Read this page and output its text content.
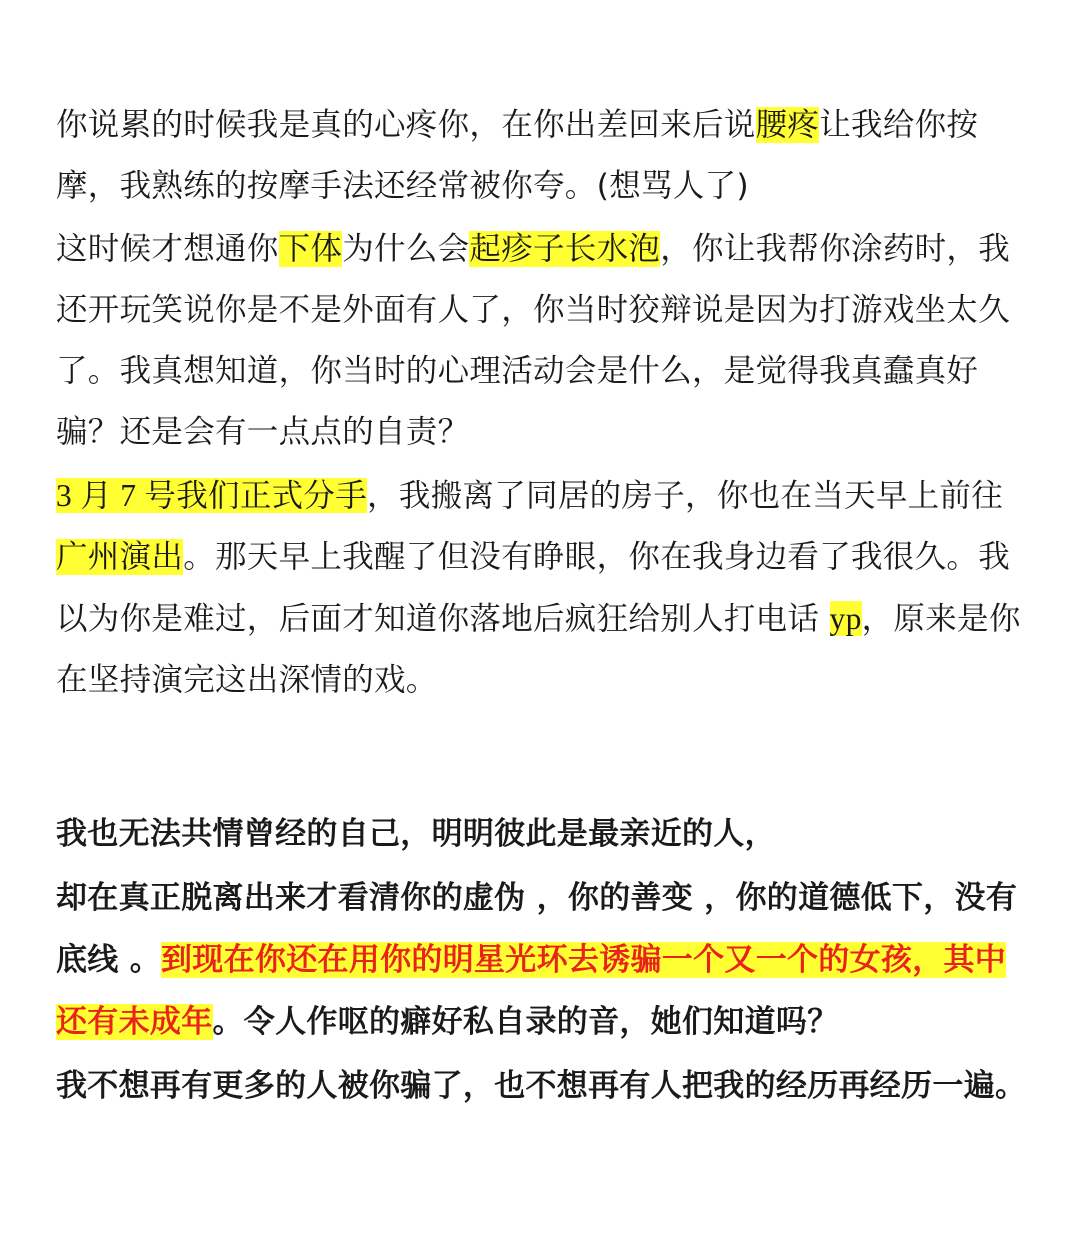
你说累的时候我是真的心疼你，在你出差回来后说腰疼让我给你按摩，我熟练的按摩手法还经常被你夸。(想骂人了)

这时候才想通你下体为什么会起疹子长水泡，你让我帮你涂药时，我还开玩笑说你是不是外面有人了，你当时狡辩说是因为打游戏坐太久了。我真想知道，你当时的心理活动会是什么，是觉得我真蠢真好骗？还是会有一点点的自责？

3 月 7 号我们正式分手，我搬离了同居的房子，你也在当天早上前往广州演出。那天早上我醒了但没有睁眼，你在我身边看了我很久。我以为你是难过，后面才知道你落地后疯狂给别人打电话 yp，原来是你在坚持演完这出深情的戏。

我也无法共情曾经的自己，明明彼此是最亲近的人，

却在真正脱离出来才看清你的虚伪 ，你的善变 ，你的道德低下，没有底线 。到现在你还在用你的明星光环去诱骗一个又一个的女孩，其中还有未成年。令人作呕的癖好私自录的音，她们知道吗？

我不想再有更多的人被你骗了，也不想再有人把我的经历再经历一遍。
